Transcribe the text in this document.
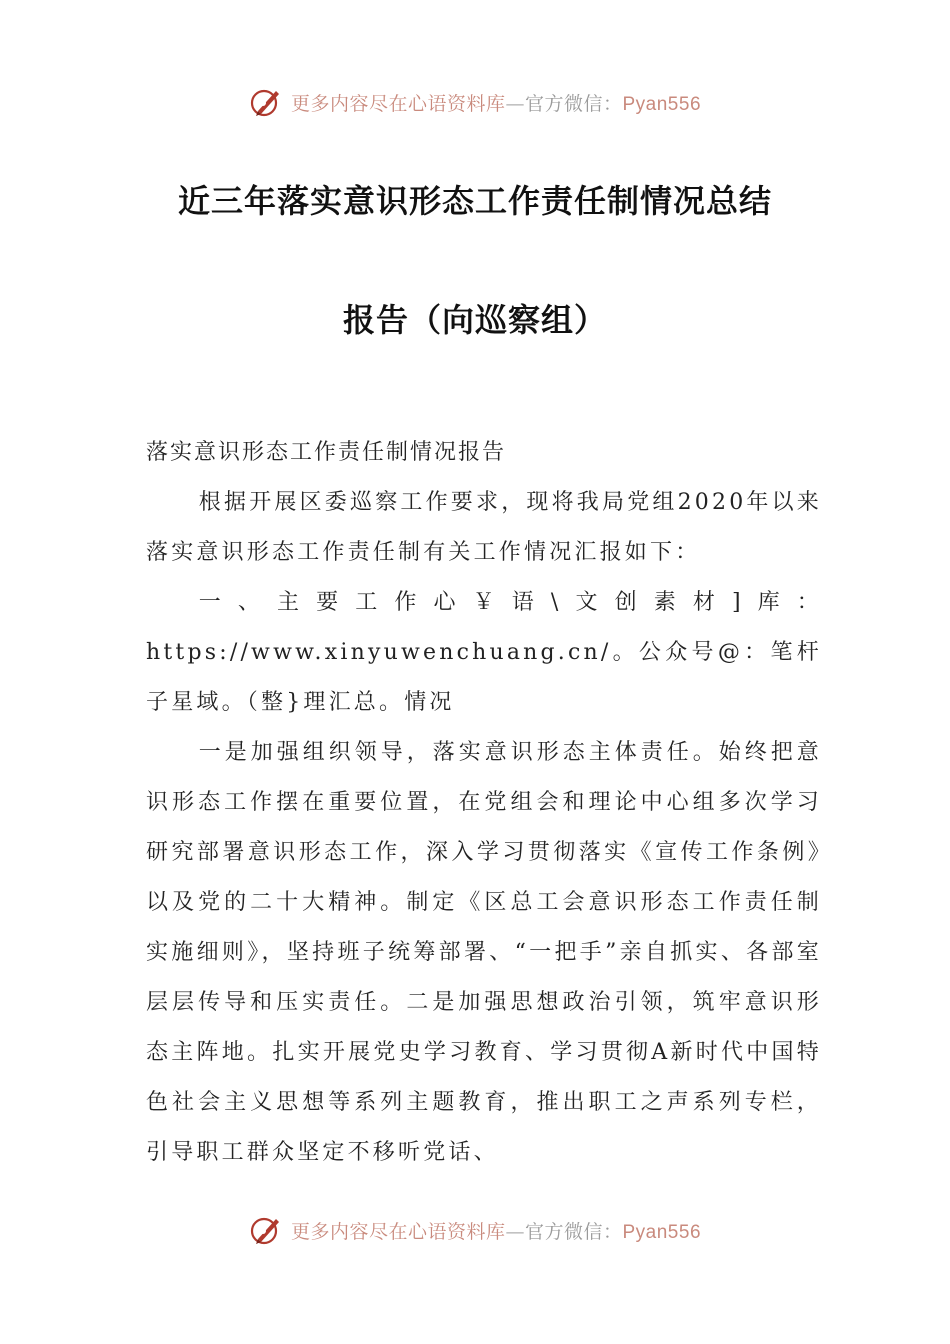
更多内容尽在心语资料库—官方微信：Pyan556
近三年落实意识形态工作责任制情况总结
报告（向巡察组）

落实意识形态工作责任制情况报告

根据开展区委巡察工作要求，现将我局党组2020年以来落实意识形态工作责任制有关工作情况汇报如下：

一、主要工作心￥语\文创素材]库：https://www.xinyuwenchuang.cn/。公众号@：笔杆子星域。（整}理汇总。情况

一是加强组织领导，落实意识形态主体责任。始终把意识形态工作摆在重要位置，在党组会和理论中心组多次学习研究部署意识形态工作，深入学习贯彻落实《宣传工作条例》以及党的二十大精神。制定《区总工会意识形态工作责任制实施细则》，坚持班子统筹部署、“一把手”亲自抓实、各部室层层传导和压实责任。二是加强思想政治引领，筑牢意识形态主阵地。扎实开展党史学习教育、学习贯彻A新时代中国特色社会主义思想等系列主题教育，推出职工之声系列专栏，引导职工群众坚定不移听党话、

更多内容尽在心语资料库—官方微信：Pyan556
